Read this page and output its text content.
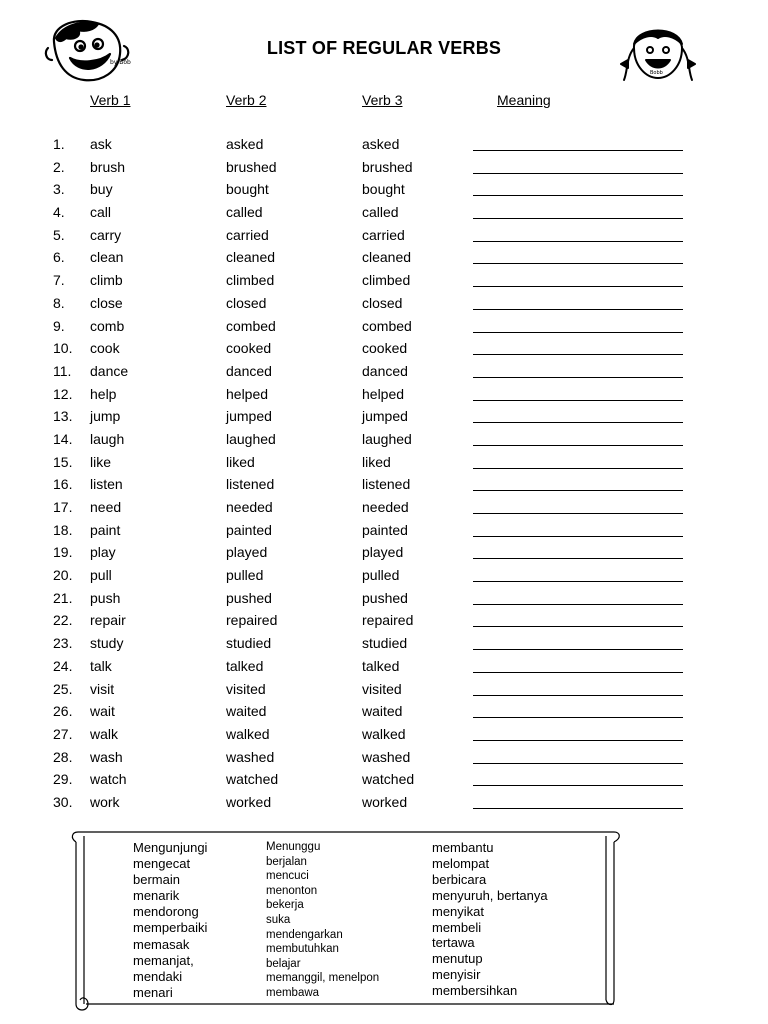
by Bob
Bobb
LIST OF REGULAR VERBS
Verb 1	Verb 2	Verb 3	Meaning
1. ask	asked	asked
2. brush	brushed	brushed
3. buy	bought	bought
4. call	called	called
5. carry	carried	carried
6. clean	cleaned	cleaned
7. climb	climbed	climbed
8. close	closed	closed
9. comb	combed	combed
10. cook	cooked	cooked
11. dance	danced	danced
12. help	helped	helped
13. jump	jumped	jumped
14. laugh	laughed	laughed
15. like	liked	liked
16. listen	listened	listened
17. need	needed	needed
18. paint	painted	painted
19. play	played	played
20. pull	pulled	pulled
21. push	pushed	pushed
22. repair	repaired	repaired
23. study	studied	studied
24. talk	talked	talked
25. visit	visited	visited
26. wait	waited	waited
27. walk	walked	walked
28. wash	washed	washed
29. watch	watched	watched
30. work	worked	worked
Mengunjungi
mengecat
bermain
menarik
mendorong
memperbaiki
memasak
memanjat,
mendaki
menari
Menunggu
berjalan
mencuci
menonton
bekerja
suka
mendengarkan
membutuhkan
belajar
memanggil, menelpon
membawa
membantu
melompat
berbicara
menyuruh, bertanya
menyikat
membeli
tertawa
menutup
menyisir
membersihkan
